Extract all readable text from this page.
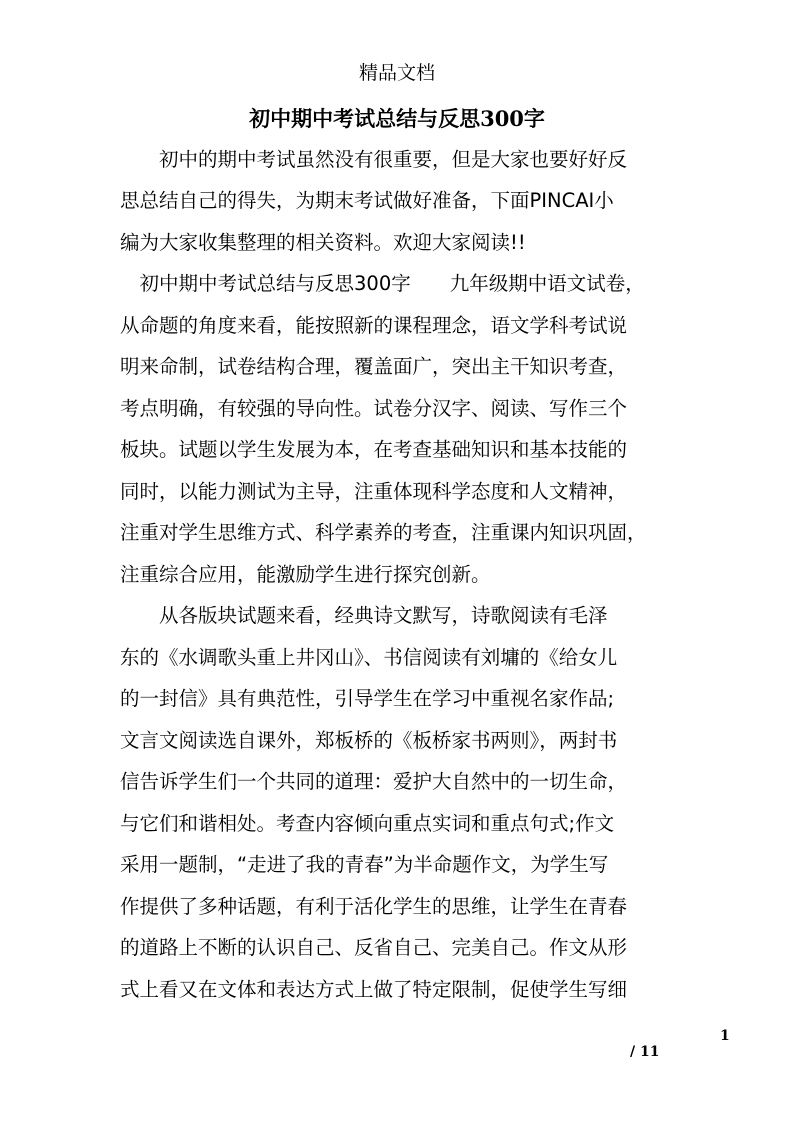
精品文档
初中期中考试总结与反思300字
　　初中的期中考试虽然没有很重要，但是大家也要好好反
思总结自己的得失，为期末考试做好准备，下面PINCAI小
编为大家收集整理的相关资料。欢迎大家阅读!!
　初中期中考试总结与反思300字　　九年级期中语文试卷，
从命题的角度来看，能按照新的课程理念，语文学科考试说
明来命制，试卷结构合理，覆盖面广，突出主干知识考查，
考点明确，有较强的导向性。试卷分汉字、阅读、写作三个
板块。试题以学生发展为本，在考查基础知识和基本技能的
同时，以能力测试为主导，注重体现科学态度和人文精神，
注重对学生思维方式、科学素养的考查，注重课内知识巩固，
注重综合应用，能激励学生进行探究创新。
　　从各版块试题来看，经典诗文默写，诗歌阅读有毛泽
东的《水调歌头重上井冈山》、书信阅读有刘墉的《给女儿
的一封信》具有典范性，引导学生在学习中重视名家作品;
文言文阅读选自课外，郑板桥的《板桥家书两则》，两封书
信告诉学生们一个共同的道理：爱护大自然中的一切生命，
与它们和谐相处。考查内容倾向重点实词和重点句式;作文
采用一题制，“走进了我的青春”为半命题作文，为学生写
作提供了多种话题，有利于活化学生的思维，让学生在青春
的道路上不断的认识自己、反省自己、完美自己。作文从形
式上看又在文体和表达方式上做了特定限制，促使学生写细
1
/ 11
